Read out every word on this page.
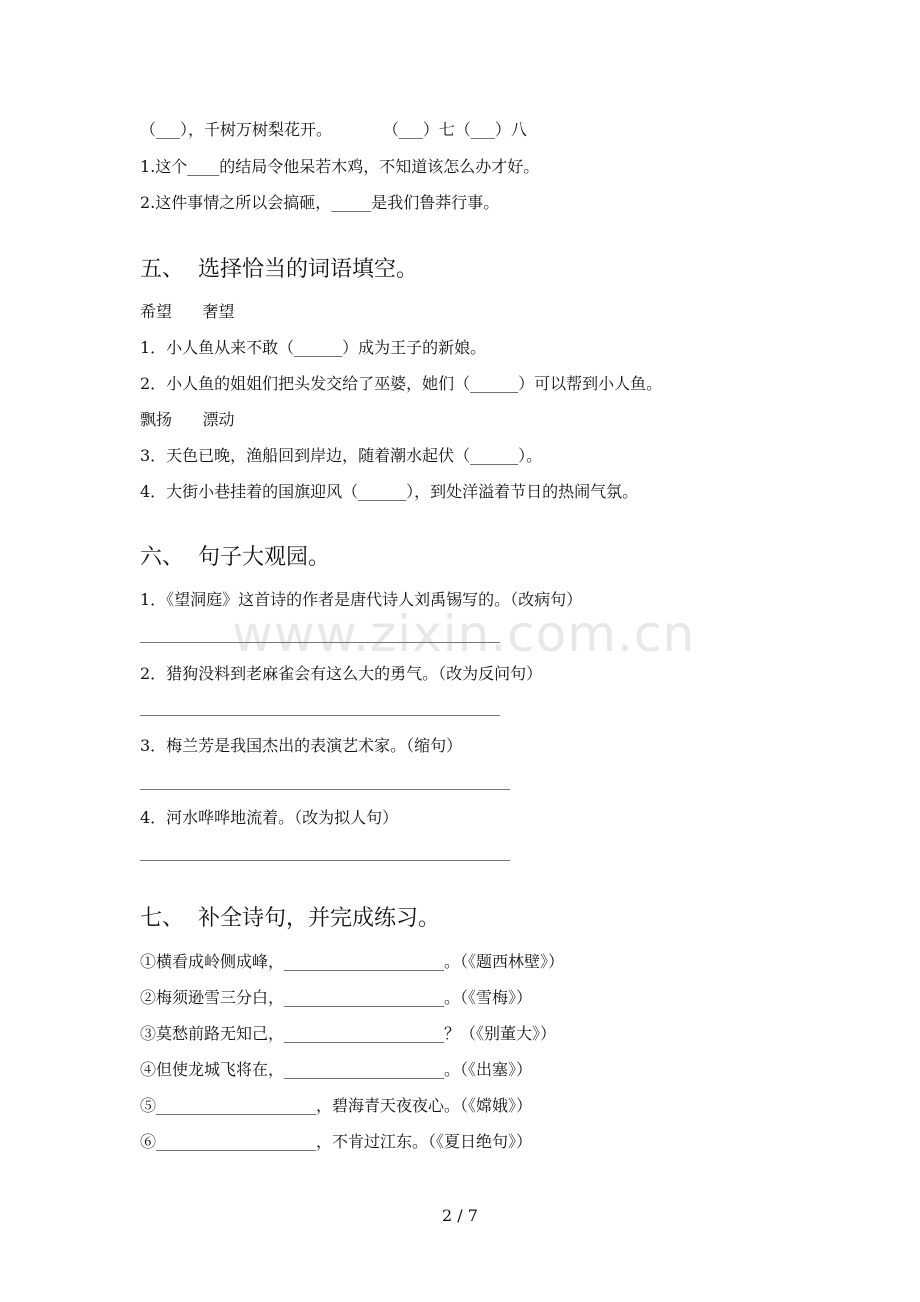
www.zixin.com.cn
（___），千树万树梨花开。          （___）七（___）八
1.这个____的结局令他呆若木鸡，不知道该怎么办才好。
2.这件事情之所以会搞砸，_____是我们鲁莽行事。
五、  选择恰当的词语填空。
希望      奢望
1．小人鱼从来不敢（______）成为王子的新娘。
2．小人鱼的姐姐们把头发交给了巫婆，她们（______）可以帮到小人鱼。
飘扬      漂动
3．天色已晚，渔船回到岸边，随着潮水起伏（______）。
4．大街小巷挂着的国旗迎风（______），到处洋溢着节日的热闹气氛。
六、  句子大观园。
1．《望洞庭》这首诗的作者是唐代诗人刘禹锡写的。（改病句）
2．猎狗没料到老麻雀会有这么大的勇气。（改为反问句）
3．梅兰芳是我国杰出的表演艺术家。（缩句）
4．河水哗哗地流着。（改为拟人句）
七、  补全诗句，并完成练习。
①横看成岭侧成峰，____________________。（《题西林壁》）
②梅须逊雪三分白，____________________。（《雪梅》）
③莫愁前路无知己，____________________？（《别董大》）
④但使龙城飞将在，____________________。（《出塞》）
⑤____________________，碧海青天夜夜心。（《嫦娥》）
⑥____________________，不肯过江东。（《夏日绝句》）
2 / 7
